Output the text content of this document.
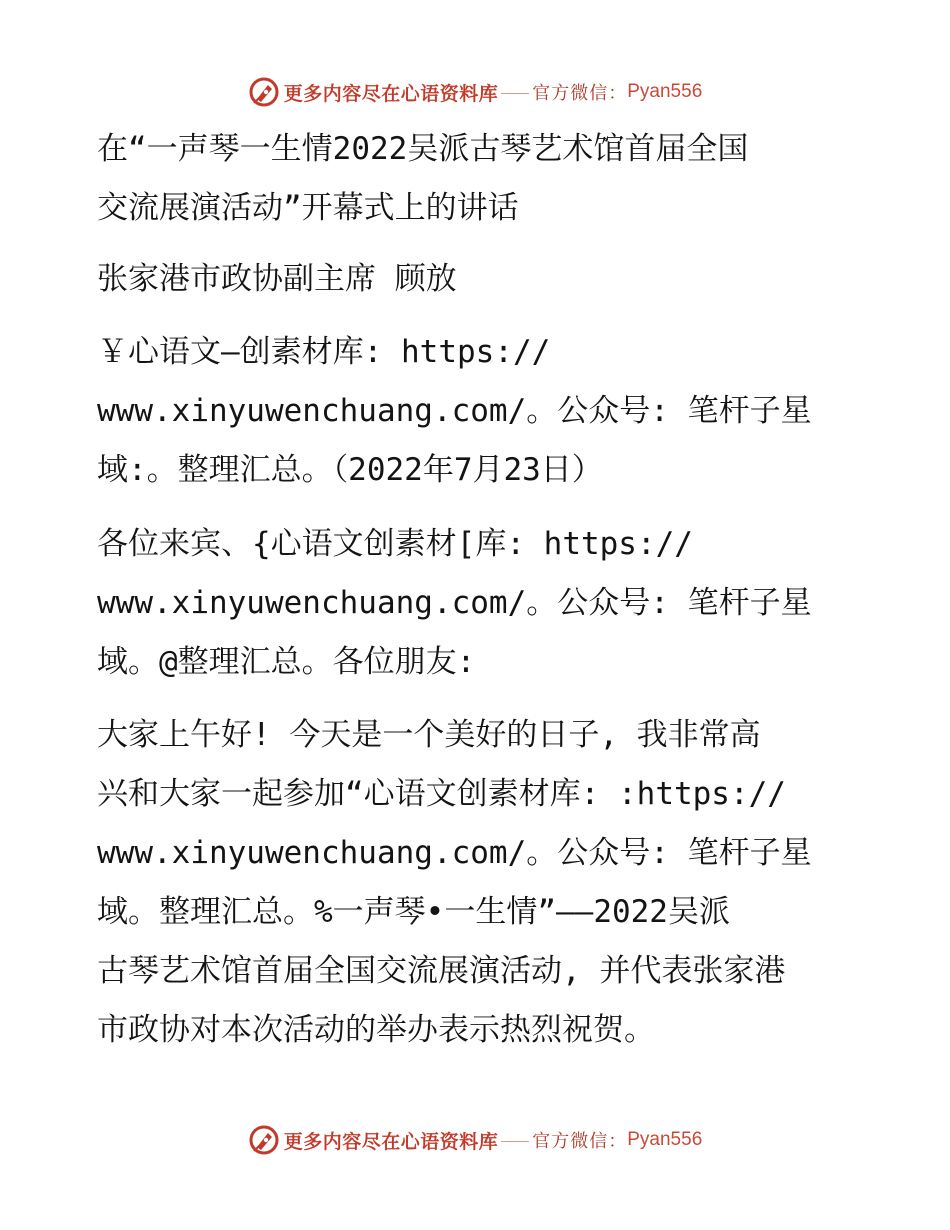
更多内容尽在心语资料库 官方微信： Pyan556

在“一声琴一生情2022吴派古琴艺术馆首届全国

交流展演活动”开幕式上的讲话

张家港市政协副主席 顾放

￥心语文—创素材库: https://

www.xinyuwenchuang.com/。公众号: 笔杆子星

域:。整理汇总。（2022年7月23日）

各位来宾、{心语文创素材[库: https://

www.xinyuwenchuang.com/。公众号: 笔杆子星

域。@整理汇总。各位朋友:

大家上午好! 今天是一个美好的日子, 我非常高

兴和大家一起参加“心语文创素材库: :https://

www.xinyuwenchuang.com/。公众号: 笔杆子星

域。整理汇总。%一声琴•一生情”——2022吴派

古琴艺术馆首届全国交流展演活动, 并代表张家港

市政协对本次活动的举办表示热烈祝贺。

更多内容尽在心语资料库 官方微信： Pyan556
